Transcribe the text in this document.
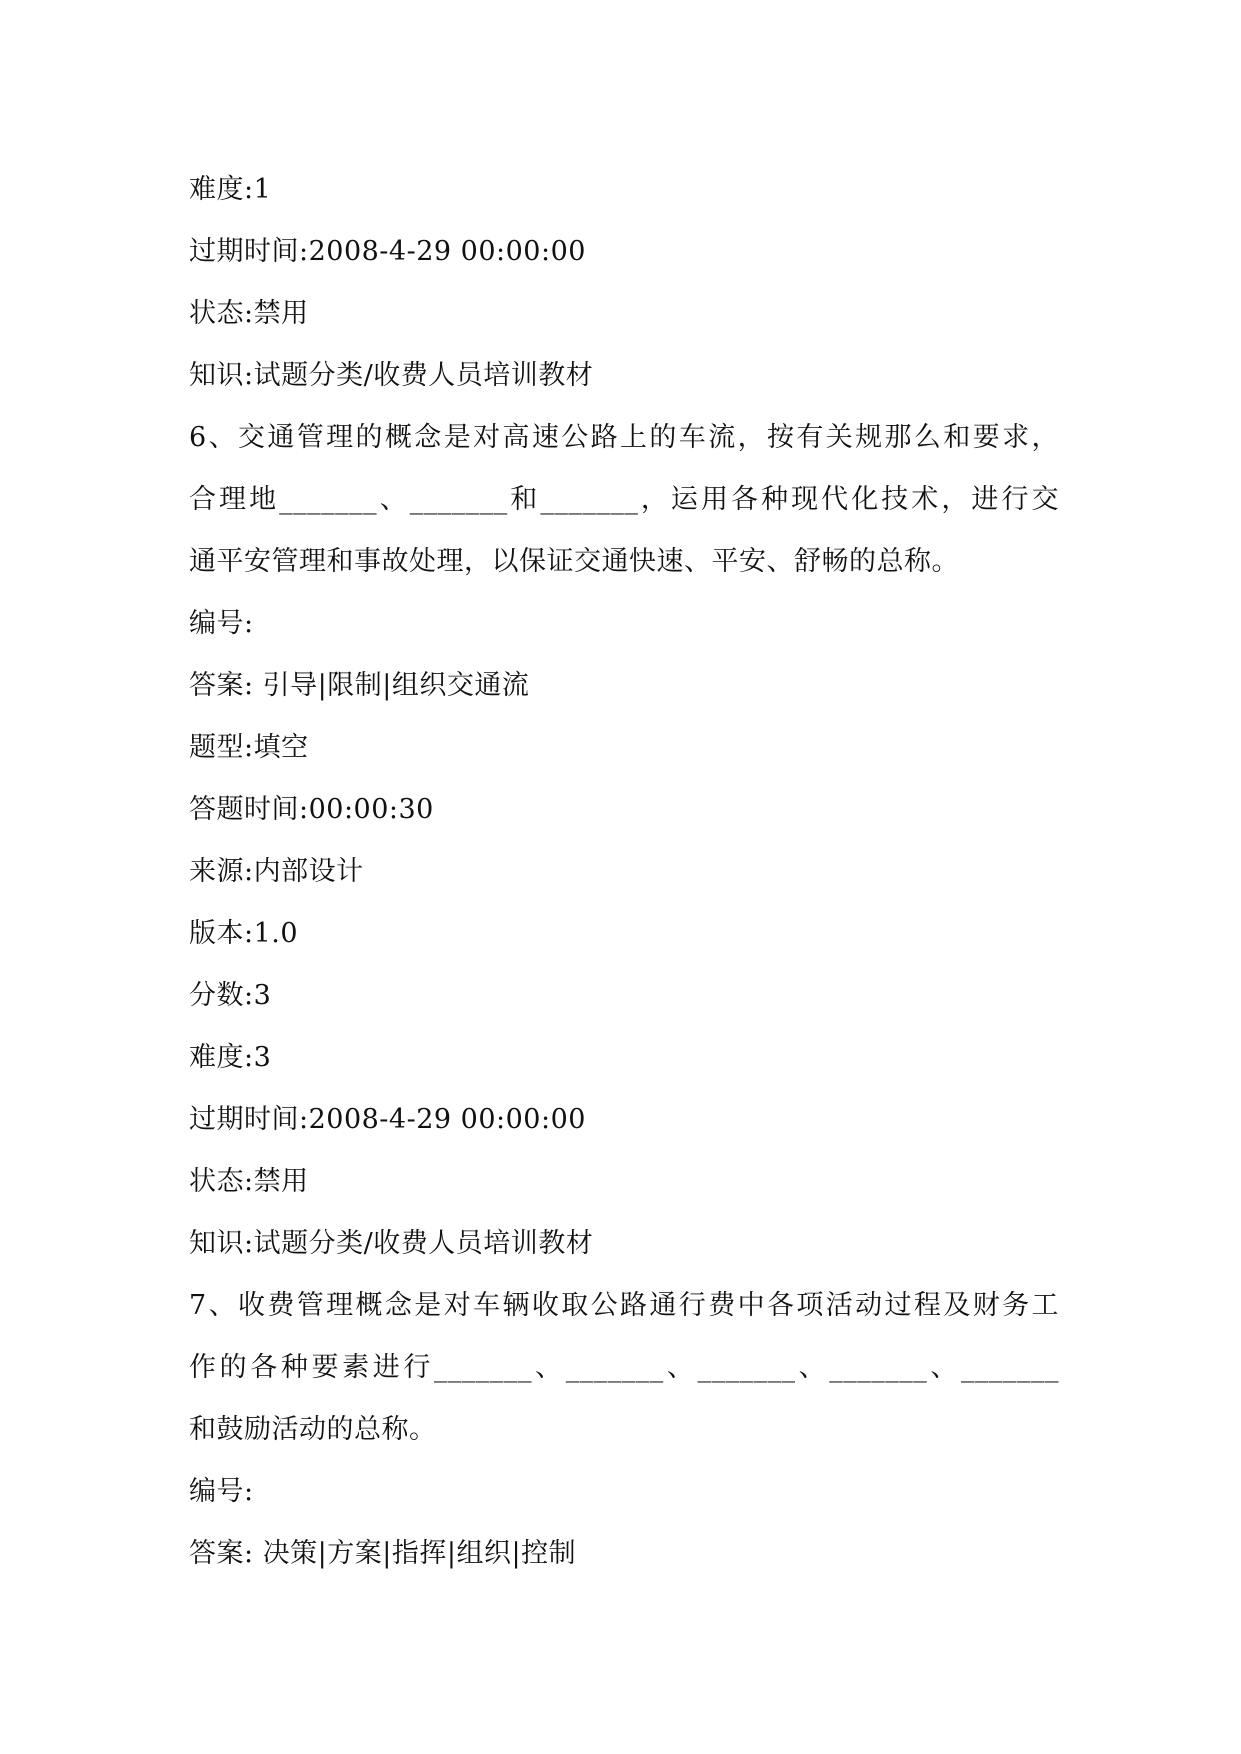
难度:1
过期时间:2008-4-29 00:00:00
状态:禁用
知识:试题分类/收费人员培训教材
6、交通管理的概念是对高速公路上的车流，按有关规那么和要求，
合理地_______、_______和_______，运用各种现代化技术，进行交
通平安管理和事故处理，以保证交通快速、平安、舒畅的总称。
编号:
答案: 引导|限制|组织交通流
题型:填空
答题时间:00:00:30
来源:内部设计
版本:1.0
分数:3
难度:3
过期时间:2008-4-29 00:00:00
状态:禁用
知识:试题分类/收费人员培训教材
7、收费管理概念是对车辆收取公路通行费中各项活动过程及财务工
作的各种要素进行_______、_______、_______、_______、_______
和鼓励活动的总称。
编号:
答案: 决策|方案|指挥|组织|控制
